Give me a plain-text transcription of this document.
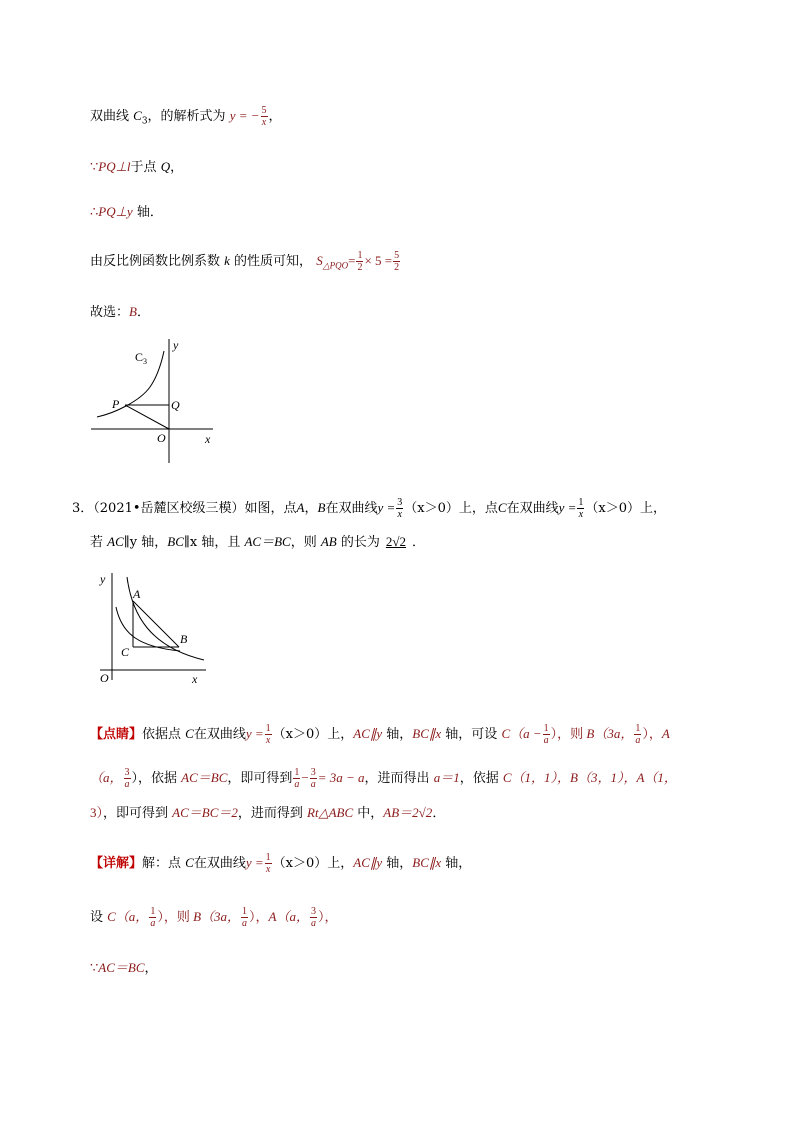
双曲线 $C_3$，的解析式为 y = − $\frac{5}{x}$ ，
∵PQ⊥l于点 Q，
∴PQ⊥y 轴．
由反比例函数比例系数 k 的性质可知， $S_{\triangle PQO}= \frac{1}{2} \times 5 = \frac{5}{2}$
故选：B．
$C_3$
y
x
P	Q
O
3．（2021•岳麓区校级三模）如图，点A，B在双曲线$y = \frac{3}{x} (x>0)$上，点C在双曲线$y = \frac{1}{x} (x>0)$上，
若 AC∥y 轴，BC∥x 轴，且 AC＝BC，则 AB 的长为 2√2 ．
y
x
A
B
C
O
【点睛】依据点 C在双曲线$y = \frac{1}{x} (x>0)$上，AC∥y 轴，BC∥x 轴，可设 $C(a - \frac{1}{a}$ ），则 B（3a， $\frac{1}{a}$ ），A
（a， $\frac{3}{a}$ ），依据 AC＝BC，即可得到 $\frac{1}{a} - \frac{3}{a} = 3a - a$，进而得出 a＝1，依据 C（1，1），B（3，1），A（1，
3），即可得到 AC＝BC＝2，进而得到 Rt△ABC 中，AB＝2√2．
【详解】解：点 C在双曲线$y = \frac{1}{x} (x>0)$上，AC∥y 轴，BC∥x 轴，
设 C（a， $\frac{1}{a}$ ），则 B（3a， $\frac{1}{a}$ ），A（a， $\frac{3}{a}$ ），
∵AC＝BC，
